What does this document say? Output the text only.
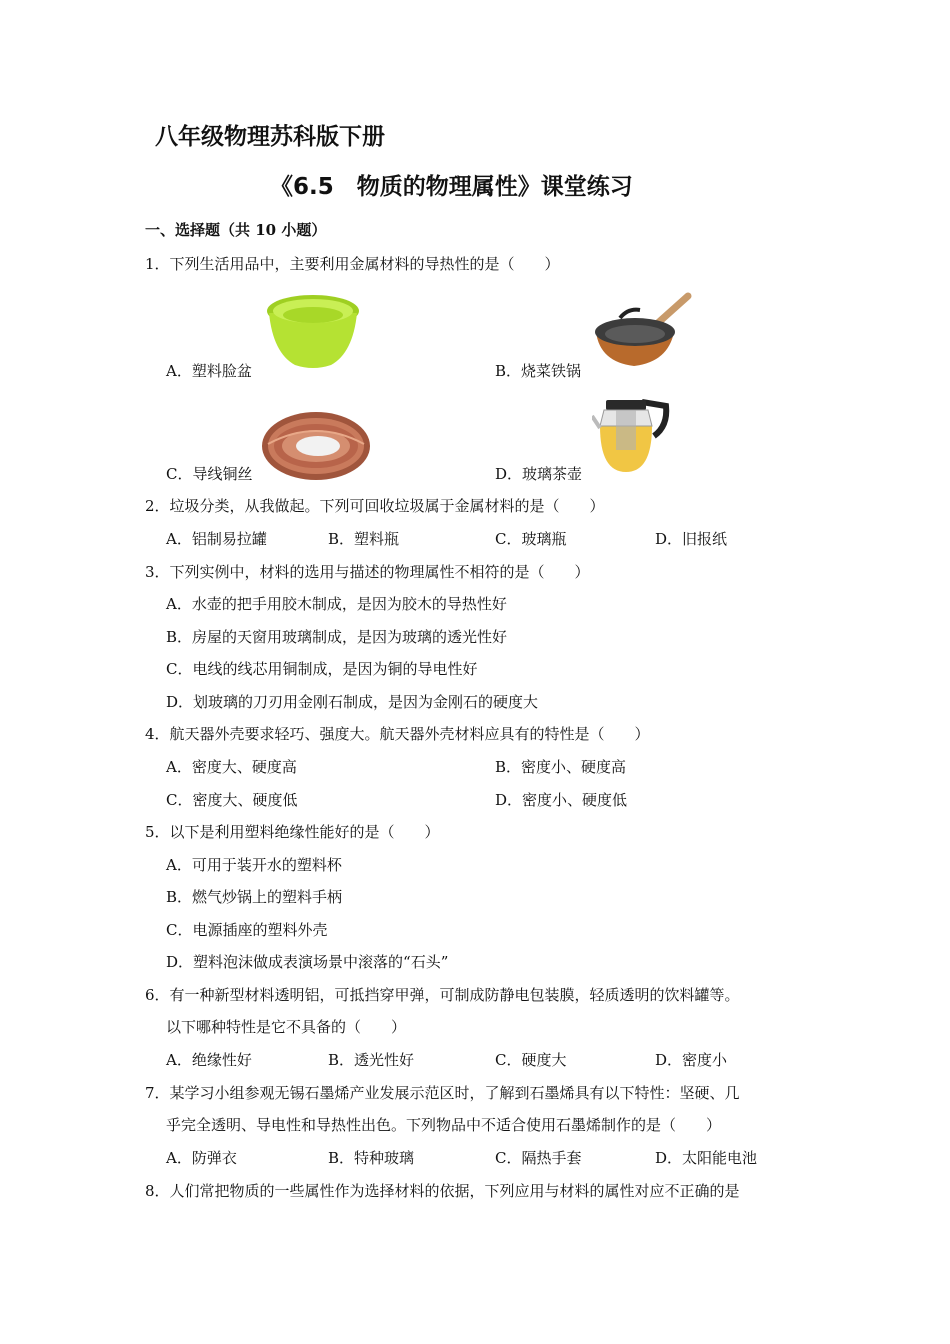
八年级物理苏科版下册
《6.5　物质的物理属性》课堂练习
一、选择题（共 10 小题）
1．下列生活用品中，主要利用金属材料的导热性的是（　　）
A．塑料脸盆	B．烧菜铁锅
C．导线铜丝	D．玻璃茶壶
2．垃圾分类，从我做起。下列可回收垃圾属于金属材料的是（　　）
A．铝制易拉罐	B．塑料瓶	C．玻璃瓶	D．旧报纸
3．下列实例中，材料的选用与描述的物理属性不相符的是（　　）
A．水壶的把手用胶木制成，是因为胶木的导热性好
B．房屋的天窗用玻璃制成，是因为玻璃的透光性好
C．电线的线芯用铜制成，是因为铜的导电性好
D．划玻璃的刀刃用金刚石制成，是因为金刚石的硬度大
4．航天器外壳要求轻巧、强度大。航天器外壳材料应具有的特性是（　　）
A．密度大、硬度高	B．密度小、硬度高
C．密度大、硬度低	D．密度小、硬度低
5．以下是利用塑料绝缘性能好的是（　　）
A．可用于装开水的塑料杯
B．燃气炒锅上的塑料手柄
C．电源插座的塑料外壳
D．塑料泡沫做成表演场景中滚落的“石头”
6．有一种新型材料透明铝，可抵挡穿甲弹，可制成防静电包装膜，轻质透明的饮料罐等。
以下哪种特性是它不具备的（　　）
A．绝缘性好	B．透光性好	C．硬度大	D．密度小
7．某学习小组参观无锡石墨烯产业发展示范区时，了解到石墨烯具有以下特性：坚硬、几
乎完全透明、导电性和导热性出色。下列物品中不适合使用石墨烯制作的是（　　）
A．防弹衣	B．特种玻璃	C．隔热手套	D．太阳能电池
8．人们常把物质的一些属性作为选择材料的依据，下列应用与材料的属性对应不正确的是
